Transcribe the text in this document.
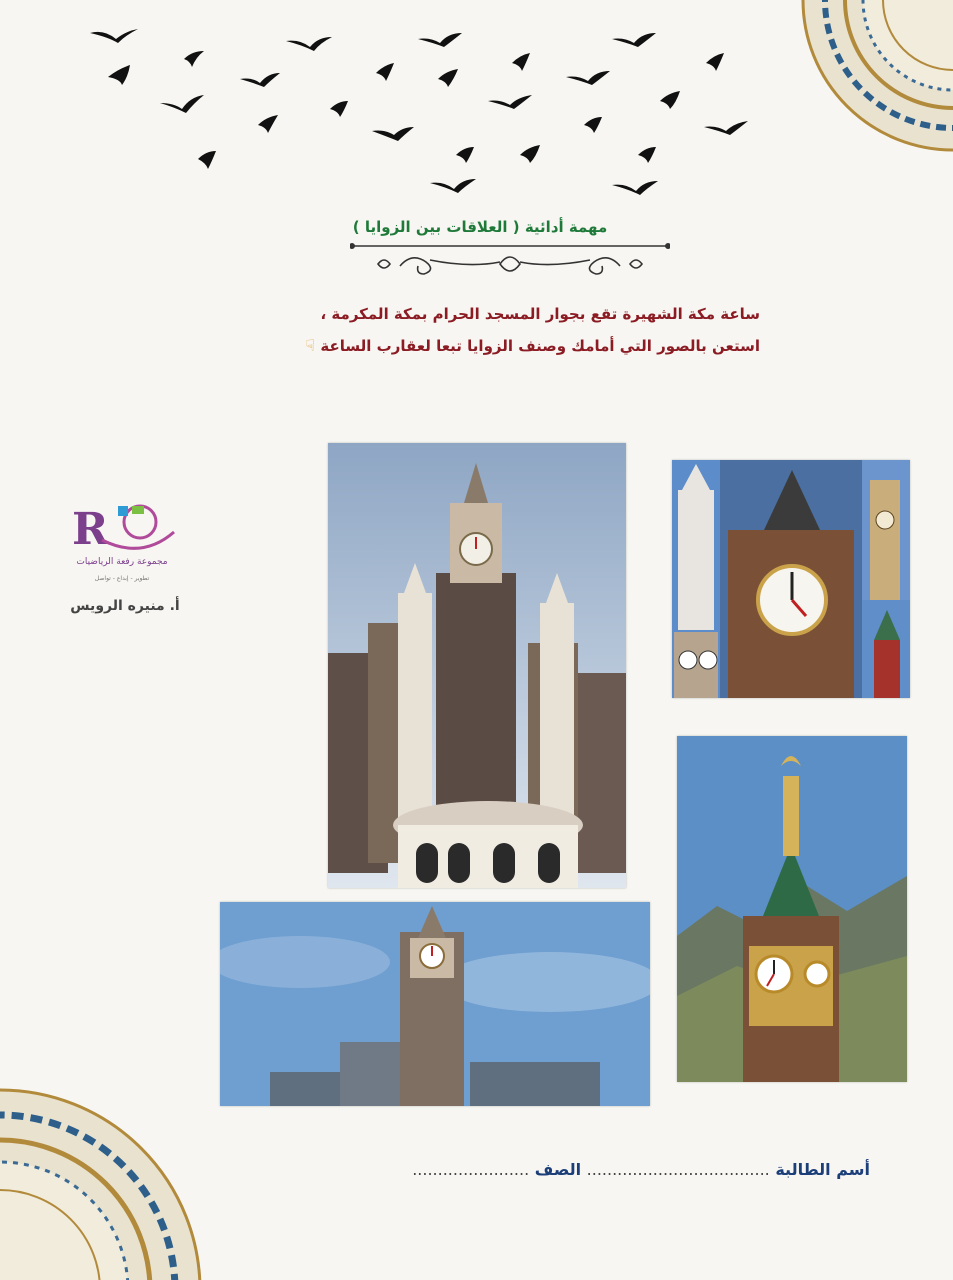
مهمة أدائية ( العلاقات بين الزوايا )
ساعة مكة الشهيرة تقع بجوار المسجد الحرام بمكة المكرمة ،
استعن بالصور التي أمامك وصنف الزوايا تبعا لعقارب الساعة ☟
R
مجموعة رفعة الرياضيات
تطوير - إبداع - تواصل
أ. منيره الرويس
أسم الطالبة .................................... الصف .......................
